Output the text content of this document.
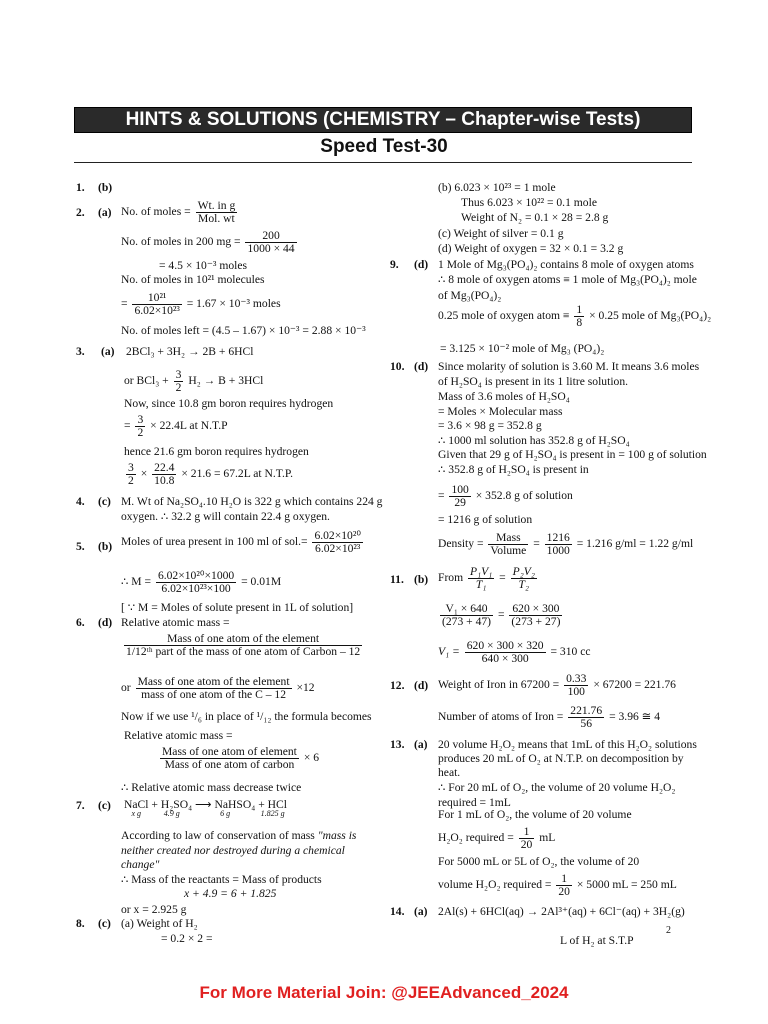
HINTS & SOLUTIONS (CHEMISTRY – Chapter-wise Tests)
Speed Test-30
1. (b)
2. (a) No. of moles = $\frac{\text{Wt. in g}}{\text{Mol. wt}}$
No. of moles in 200 mg = $\frac{200}{1000 \times 44}$
= 4.5 × 10⁻³ moles
No. of moles in 10²¹ molecules
= $\frac{\text{10²¹}}{\text{6.02×10²³}} = 1.67 \times 10^{-3}$ moles
No. of moles left = (4.5 – 1.67) × 10⁻³ = 2.88 × 10⁻³
3. (a) 2BCl₃ + 3H₂ → 2B + 6HCl
or $BCl_3 + \frac{3}{2} H_2 \to B + 3HCl$
Now, since 10.8 gm boron requires hydrogen
= $\frac{3}{2} \times 22.4L$ at N.T.P
hence 21.6 gm boron requires hydrogen
$\frac{3}{2} \times \frac{22.4}{10.8} \times 21.6 = 67.2L$ at N.T.P.
4. (c) M. Wt of Na₂SO₄.10 H₂O is 322 g which contains 224 g
oxygen. ∴ 32.2 g will contain 22.4 g oxygen.
5. (b) Moles of urea present in 100 ml of $sol.= \frac{\text{6.02×10²⁰}}{\text{6.02×10²³}}$
∴ $M = \frac{\text{6.02×10²⁰×1000}}{\text{6.02×10²³×100}} = 0.01M$
[ ∵ M = Moles of solute present in 1L of solution]
6. (d) Relative atomic mass =
$\frac{\text{Mass of one atom of the element}}{\text{1/12ᵗʰ part of the mass of one atom of Carbon – 12}}$
or $\frac{\text{Mass of one atom of the element}}{\text{mass of one atom of the C – 12}} \times 12$
Now if we use ¹/₆ in place of ¹/₁₂ the formula becomes
Relative atomic mass =
$\frac{\text{Mass of one atom of element}}{\text{Mass of one atom of carbon}} \times 6$
∴ Relative atomic mass decrease twice
7. (c) NaCl
x g
+ H₂SO₄
4.9 g
⟶ NaHSO₄
6 g
+ HCl
1.825 g
According to law of conservation of mass "mass is
neither created nor destroyed during a chemical
change"
∴ Mass of the reactants = Mass of products
x + 4.9 = 6 + 1.825
or x = 2.925 g
8. (c) (a) Weight of H₂
= 0.2 × 2 =
(b) 6.023 × 10²³ = 1 mole
Thus 6.023 × 10²² = 0.1 mole
Weight of N₂ = 0.1 × 28 = 2.8 g
(c) Weight of silver = 0.1 g
(d) Weight of oxygen = 32 × 0.1 = 3.2 g
9. (d) 1 Mole of Mg₃(PO₄)₂ contains 8 mole of oxygen atoms
∴ 8 mole of oxygen atoms ≡ 1 mole of Mg₃(PO₄)₂ mole
of Mg₃(PO₄)₂
0.25 mole of oxygen atom ≡ $\frac{1}{8} \times 0.25$ mole of Mg₃(PO₄)₂
= 3.125 × 10⁻² mole of Mg₃ (PO₄)₂
10. (d) Since molarity of solution is 3.60 M. It means 3.6 moles
of H₂SO₄ is present in its 1 litre solution.
Mass of 3.6 moles of H₂SO₄
= Moles × Molecular mass
= 3.6 × 98 g = 352.8 g
∴ 1000 ml solution has 352.8 g of H₂SO₄
Given that 29 g of H₂SO₄ is present in = 100 g of solution
∴ 352.8 g of H₂SO₄ is present in
= $\frac{100}{29} \times 352.8$ g of solution
= 1216 g of solution
Density = $\frac{\text{Mass}}{\text{Volume}} = \frac{1216}{1000} = 1.216$ g/ml = 1.22 g/ml
11. (b) From $\frac{\text{P₁V₁}}{\text{T₁}} = \frac{\text{P₂V₂}}{\text{T₂}}$
$\frac{\text{V₁ × 640}}{(273 + 47)} = \frac{620 \times 300}{(273 + 27)}$
$V_1 = \frac{620 \times 300 \times 320}{640 \times 300} = 310$ cc
12. (d) Weight of Iron in $67200 = \frac{0.33}{100} \times 67200 = 221.76$
Number of atoms of Iron = $\frac{221.76}{56} = 3.96$ ≅ 4
13. (a) 20 volume H₂O₂ means that 1mL of this H₂O₂ solutions
produces 20 mL of O₂ at N.T.P. on decomposition by
heat.
∴ For 20 mL of O₂, the volume of 20 volume H₂O₂
required = 1mL
For 1 mL of O₂, the volume of 20 volume
H₂O₂ required = $\frac{1}{20}$ mL
For 5000 mL or 5L of O₂, the volume of 20
volume H₂O₂ required = $\frac{1}{20} \times 5000$ mL = 250 mL
14. (a) 2Al(s) + 6HCl(aq) → 2Al³⁺(aq) + 6Cl⁻(aq) + 3H₂(g)
L of H₂ at S.T.P
2
For More Material Join: @JEEAdvanced_2024
